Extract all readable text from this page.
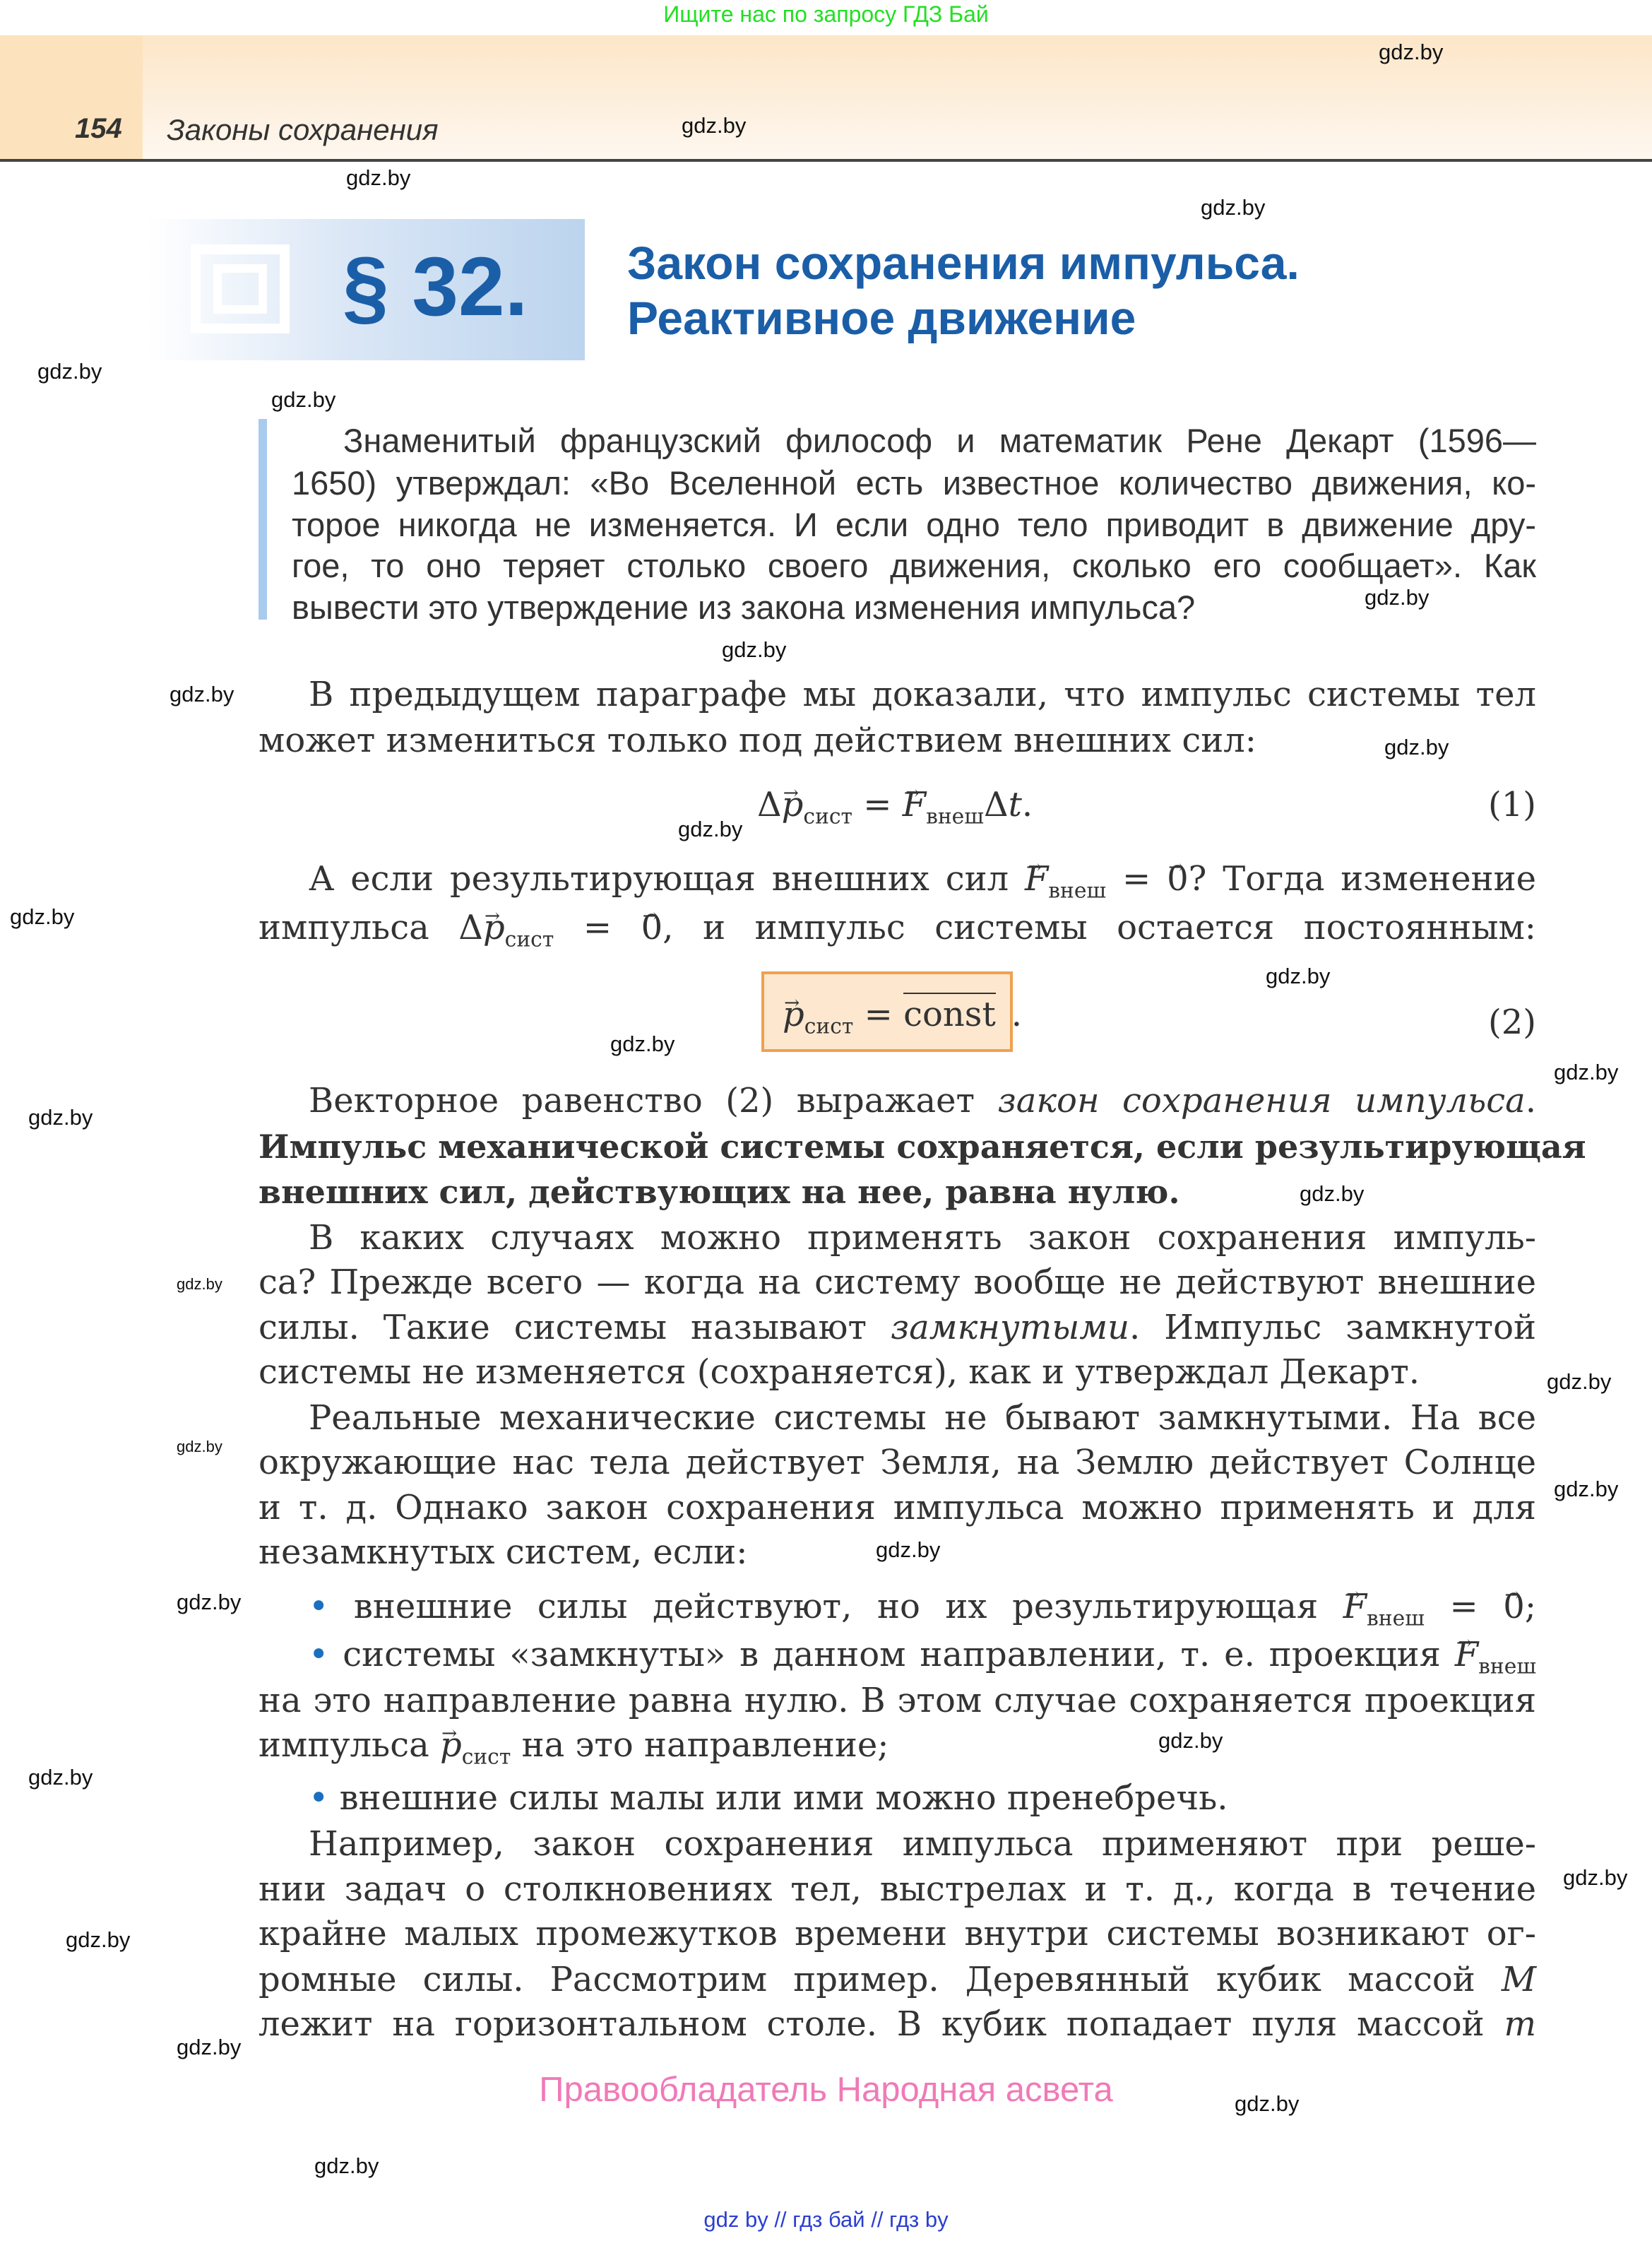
Ищите нас по запросу ГДЗ Бай
154 Законы сохранения
§ 32. Закон сохранения импульса.
Реактивное движение
Знаменитый французский философ и математик Рене Декарт (1596—
1650) утверждал: «Во Вселенной есть известное количество движения, ко-
торое никогда не изменяется. И если одно тело приводит в движение дру-
гое, то оно теряет столько своего движения, сколько его сообщает». Как
вывести это утверждение из закона изменения импульса?
В предыдущем параграфе мы доказали, что импульс системы тел
может измениться только под действием внешних сил:
$\Delta p \to_{сист} = F \to_{внеш}\Delta t$.	(1)
А если результирующая внешних сил $F \to_{внеш} = 0$ →? Тогда изменение
импульса $\Delta p \to_{сист} = 0$ →, и импульс системы остается постоянным:
$p \to_{сист}$ = const .	(2)
Векторное равенство (2) выражает закон сохранения импульса.
Импульс механической системы сохраняется, если результирующая
внешних сил, действующих на нее, равна нулю.
В каких случаях можно применять закон сохранения импуль-
са? Прежде всего — когда на систему вообще не действуют внешние
силы. Такие системы называют замкнутыми. Импульс замкнутой
системы не изменяется (сохраняется), как и утверждал Декарт.
Реальные механические системы не бывают замкнутыми. На все
окружающие нас тела действует Земля, на Землю действует Солнце
и т. д. Однако закон сохранения импульса можно применять и для
незамкнутых систем, если:
• внешние силы действуют, но их результирующая $F \to_{внеш} = 0$ →;
• системы «замкнуты» в данном направлении, т. е. проекция $F \to_{внеш}$
на это направление равна нулю. В этом случае сохраняется проекция
импульса $p \to_{сист}$ на это направление;
• внешние силы малы или ими можно пренебречь.
Например, закон сохранения импульса применяют при реше-
нии задач о столкновениях тел, выстрелах и т. д., когда в течение
крайне малых промежутков времени внутри системы возникают ог-
ромные силы. Рассмотрим пример. Деревянный кубик массой M
лежит на горизонтальном столе. В кубик попадает пуля массой m
Правообладатель Народная асвета
gdz by // гдз бай // гдз by
gdz.by
gdz.by
gdz.by
gdz.by
gdz.by
gdz.by
gdz.by
gdz.by
gdz.by
gdz.by
gdz.by
gdz.by
gdz.by
gdz.by
gdz.by
gdz.by
gdz.by
gdz.by
gdz.by
gdz.by
gdz.by
gdz.by
gdz.by
gdz.by
gdz.by
gdz.by
gdz.by
gdz.by
gdz.by
gdz.by
